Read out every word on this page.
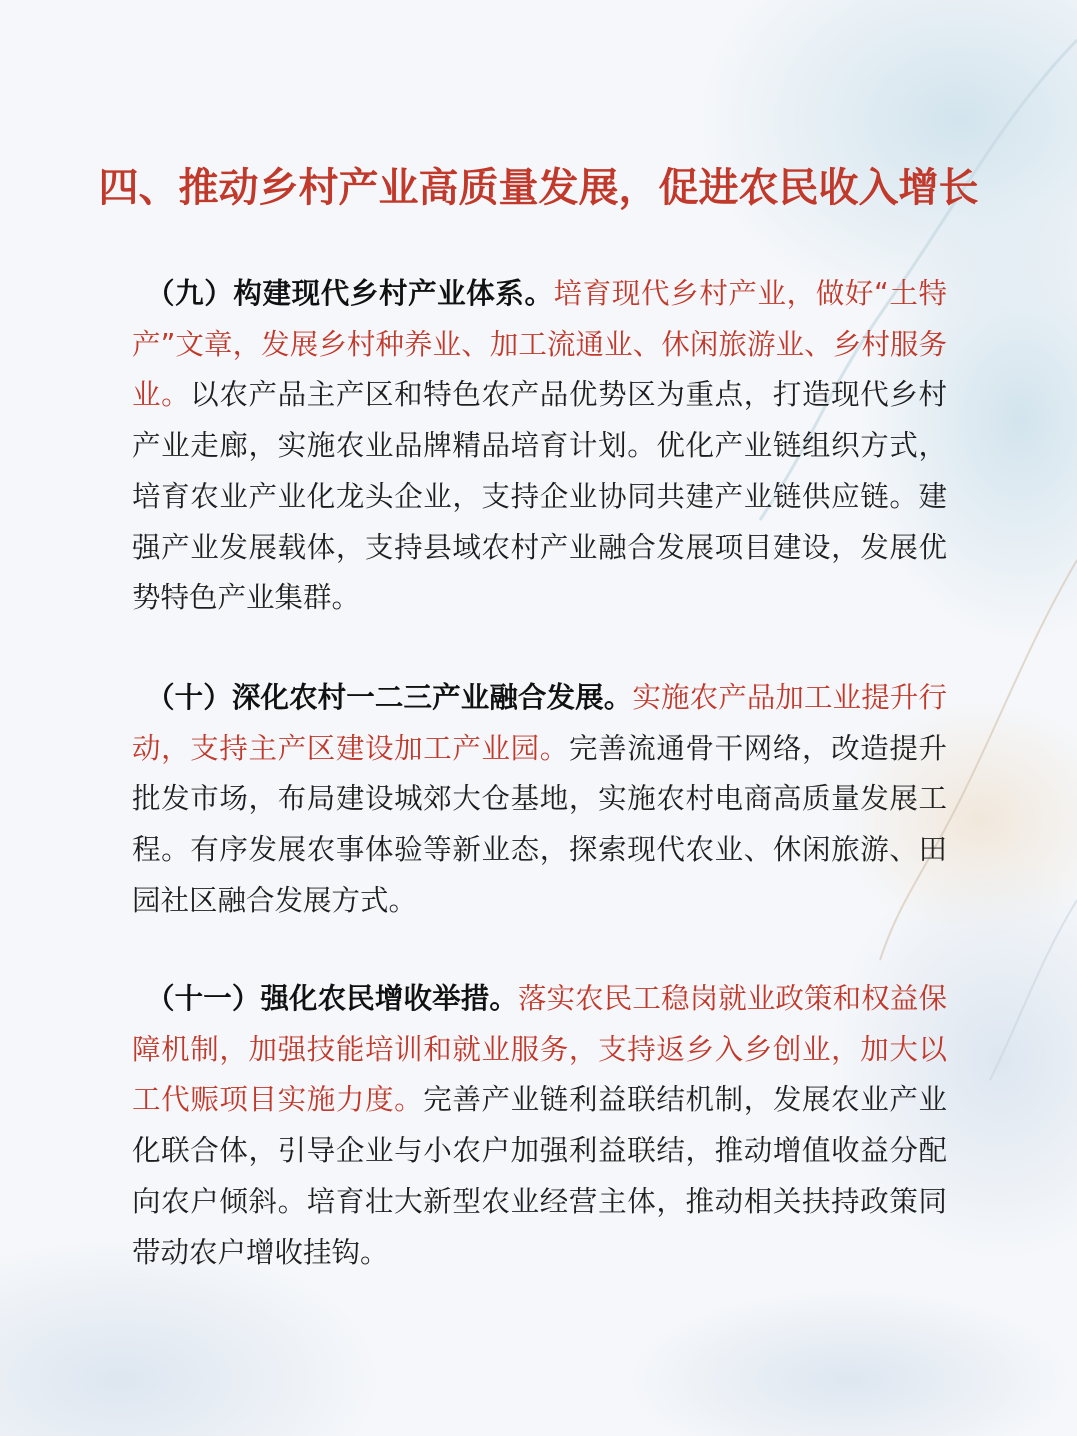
四、推动乡村产业高质量发展，促进农民收入增长
（九）构建现代乡村产业体系。培育现代乡村产业，做好“土特产”文章，发展乡村种养业、加工流通业、休闲旅游业、乡村服务业。以农产品主产区和特色农产品优势区为重点，打造现代乡村产业走廊，实施农业品牌精品培育计划。优化产业链组织方式，培育农业产业化龙头企业，支持企业协同共建产业链供应链。建强产业发展载体，支持县域农村产业融合发展项目建设，发展优势特色产业集群。
（十）深化农村一二三产业融合发展。实施农产品加工业提升行动，支持主产区建设加工产业园。完善流通骨干网络，改造提升批发市场，布局建设城郊大仓基地，实施农村电商高质量发展工程。有序发展农事体验等新业态，探索现代农业、休闲旅游、田园社区融合发展方式。
（十一）强化农民增收举措。落实农民工稳岗就业政策和权益保障机制，加强技能培训和就业服务，支持返乡入乡创业，加大以工代赈项目实施力度。完善产业链利益联结机制，发展农业产业化联合体，引导企业与小农户加强利益联结，推动增值收益分配向农户倾斜。培育壮大新型农业经营主体，推动相关扶持政策同带动农户增收挂钩。
